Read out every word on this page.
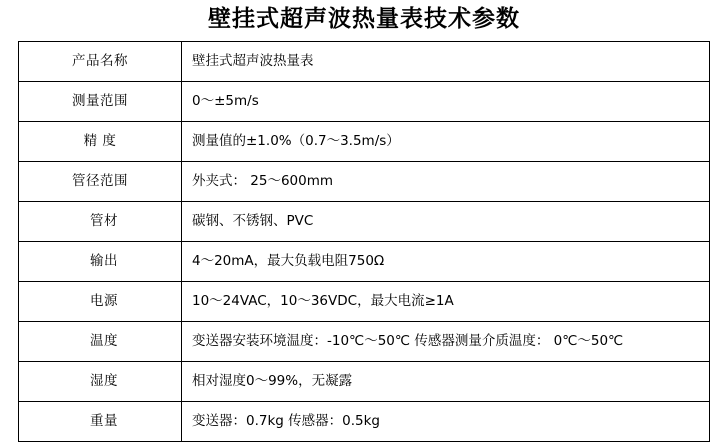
壁挂式超声波热量表技术参数
产品名称	壁挂式超声波热量表
测量范围	0～±5m/s
精 度	测量值的±1.0%（0.7～3.5m/s）
管径范围	外夹式： 25～600mm
管材	碳钢、不锈钢、PVC
输出	4～20mA，最大负载电阻750Ω
电源	10～24VAC，10～36VDC，最大电流≥1A
温度	变送器安装环境温度：-10℃～50℃ 传感器测量介质温度： 0℃～50℃
湿度	相对湿度0～99%，无凝露
重量	变送器：0.7kg 传感器：0.5kg
